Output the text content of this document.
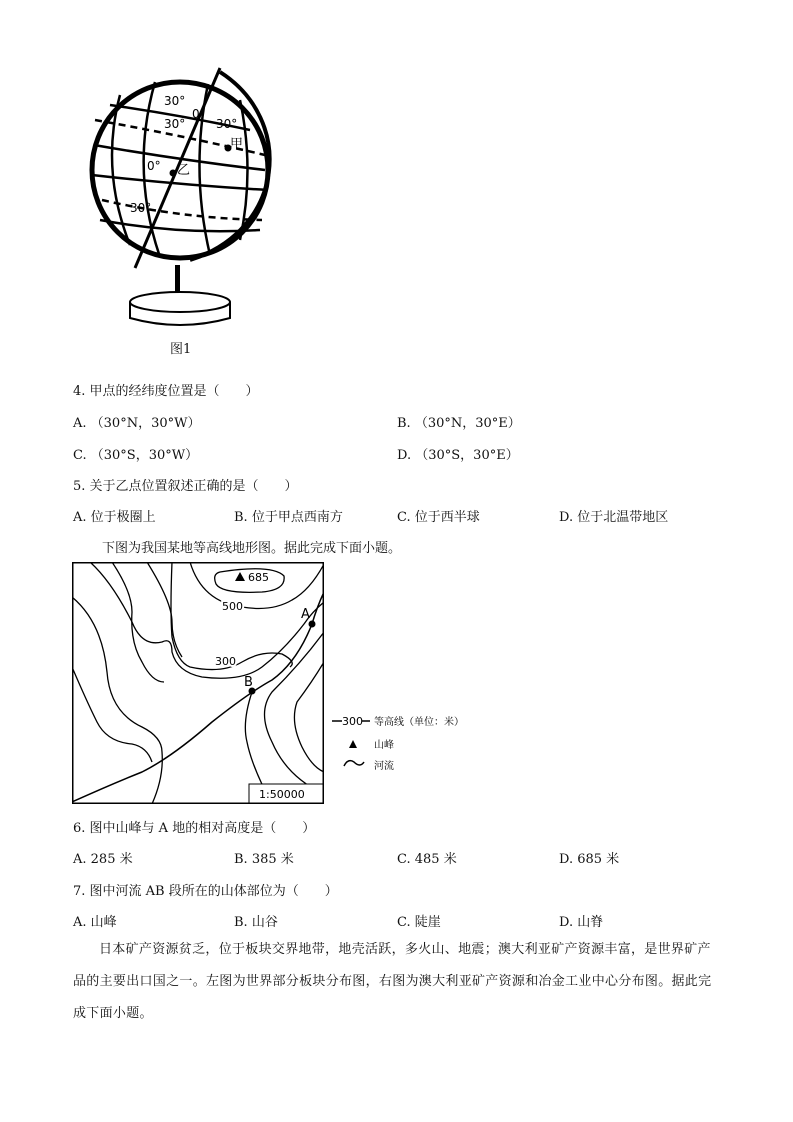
30°
30°
0°
30°
甲
0° 乙
30°
图1
4. 甲点的经纬度位置是（　　）
A. （30°N，30°W）	B. （30°N，30°E）
C. （30°S，30°W）	D. （30°S，30°E）
5. 关于乙点位置叙述正确的是（　　）
A. 位于极圈上	B. 位于甲点西南方	C. 位于西半球	D. 位于北温带地区
下图为我国某地等高线地形图。据此完成下面小题。
685
500
300
A
B
1:50000
300 等高线（单位：米）
山峰
河流
6. 图中山峰与 A 地的相对高度是（　　）
A. 285 米	B. 385 米	C. 485 米	D. 685 米
7. 图中河流 AB 段所在的山体部位为（　　）
A. 山峰	B. 山谷	C. 陡崖	D. 山脊
日本矿产资源贫乏，位于板块交界地带，地壳活跃，多火山、地震；澳大利亚矿产资源丰富，是世界矿产品的主要出口国之一。左图为世界部分板块分布图，右图为澳大利亚矿产资源和冶金工业中心分布图。据此完成下面小题。
